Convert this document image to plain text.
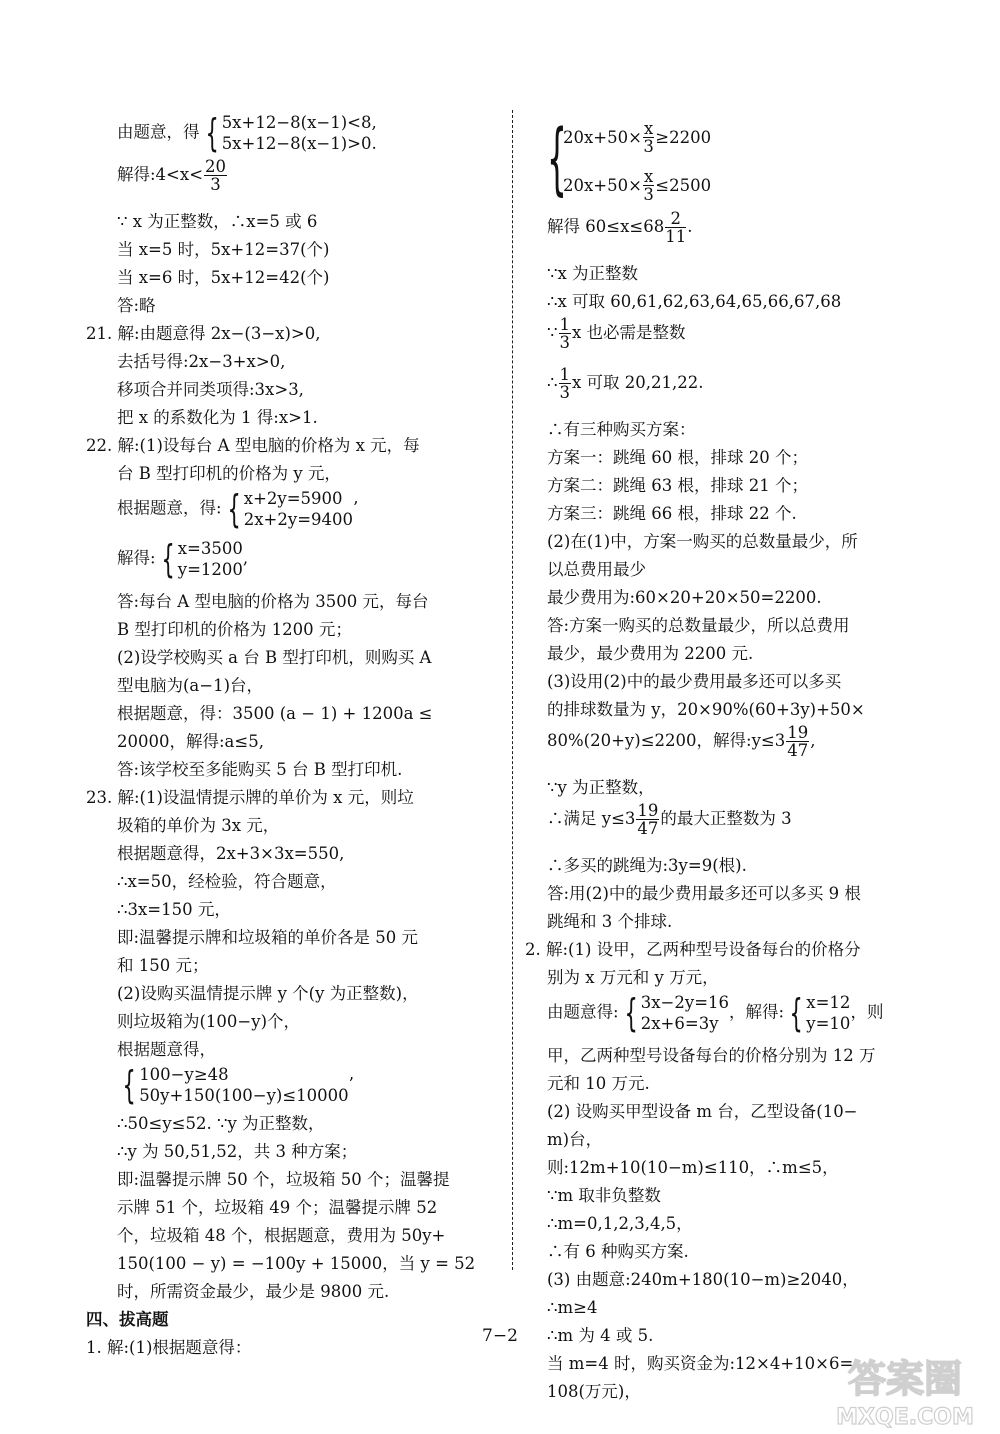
由题意，得 { 5x+12−8(x−1)<8,
5x+12−8(x−1)>0.
解得:4<x< $\frac{20}{3}$
∵ x 为正整数，∴x=5 或 6
当 x=5 时，5x+12=37(个)
当 x=6 时，5x+12=42(个)
答:略
21. 解:由题意得 2x−(3−x)>0,
去括号得:2x−3+x>0,
移项合并同类项得:3x>3,
把 x 的系数化为 1 得:x>1.
22. 解:(1)设每台 A 型电脑的价格为 x 元，每
台 B 型打印机的价格为 y 元，
根据题意，得: { x+2y=5900
2x+2y=9400
’
解得: { x=3500
y=1200
,
答:每台 A 型电脑的价格为 3500 元，每台
B 型打印机的价格为 1200 元；
(2)设学校购买 a 台 B 型打印机，则购买 A
型电脑为(a−1)台，
根据题意，得：3500 (a − 1) + 1200a ≤
20000，解得:a≤5,
答:该学校至多能购买 5 台 B 型打印机.
23. 解:(1)设温情提示牌的单价为 x 元，则垃
圾箱的单价为 3x 元，
根据题意得，2x+3×3x=550,
∴x=50，经检验，符合题意，
∴3x=150 元，
即:温馨提示牌和垃圾箱的单价各是 50 元
和 150 元；
(2)设购买温情提示牌 y 个(y 为正整数)，
则垃圾箱为(100−y)个，
根据题意得，
{ 100−y≥48
50y+150(100−y)≤10000
’
∴50≤y≤52. ∵y 为正整数，
∴y 为 50,51,52，共 3 种方案；
即:温馨提示牌 50 个，垃圾箱 50 个；温馨提
示牌 51 个，垃圾箱 49 个；温馨提示牌 52
个，垃圾箱 48 个，根据题意，费用为 50y+
150(100 − y) = −100y + 15000，当 y = 52
时，所需资金最少，最少是 9800 元.
四、拔高题
1. 解:(1)根据题意得：
{
$20x+50\times \frac{x}{3} \ge 2200$
$20x+50\times \frac{x}{3} \le 2500$
解得 $60\le x\le 68 \frac{2}{11}$ .
∵x 为正整数
∴x 可取 60,61,62,63,64,65,66,67,68
∵ $\frac{1}{3}$ x 也必需是整数
∴ $\frac{1}{3}$ x 可取 20,21,22.
∴有三种购买方案：
方案一：跳绳 60 根，排球 20 个；
方案二：跳绳 63 根，排球 21 个；
方案三：跳绳 66 根，排球 22 个.
(2)在(1)中，方案一购买的总数量最少，所
以总费用最少
最少费用为:60×20+20×50=2200.
答:方案一购买的总数量最少，所以总费用
最少，最少费用为 2200 元.
(3)设用(2)中的最少费用最多还可以多买
的排球数量为 y，20×90%(60+3y)+50×
80%(20+y)≤2200，解得:y≤3 $\frac{19}{47}$ ,
∵y 为正整数，
∴满足 $y\le 3 \frac{19}{47}$ 的最大正整数为 3
∴多买的跳绳为:3y=9(根).
答:用(2)中的最少费用最多还可以多买 9 根
跳绳和 3 个排球.
2. 解:(1) 设甲，乙两种型号设备每台的价格分
别为 x 万元和 y 万元，
由题意得: { 3x−2y=16
2x+6=3y
，解得: { x=12
y=10
，则
甲，乙两种型号设备每台的价格分别为 12 万
元和 10 万元.
(2) 设购买甲型设备 m 台，乙型设备(10−
m)台，
则:12m+10(10−m)≤110，∴m≤5，
∵m 取非负整数
∴m=0,1,2,3,4,5，
∴有 6 种购买方案.
(3) 由题意:240m+180(10−m)≥2040，
∴m≥4
∴m 为 4 或 5.
当 m=4 时，购买资金为:12×4+10×6=
108(万元)，
7−2
答案圈
MXQE.COM
